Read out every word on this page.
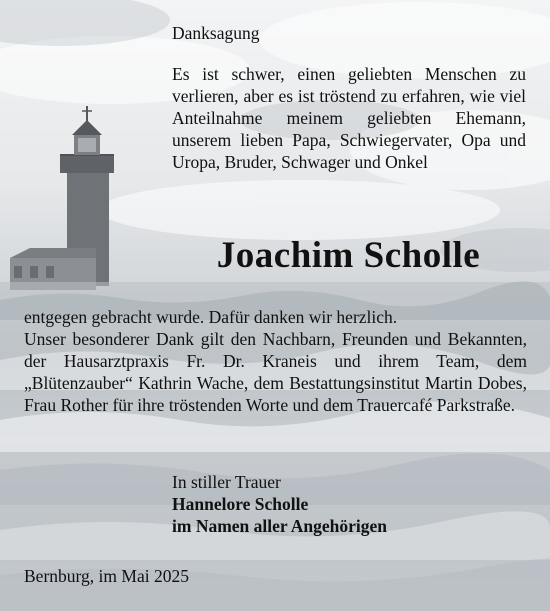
Danksagung
Es ist schwer, einen geliebten Menschen zu verlieren, aber es ist tröstend zu erfahren, wie viel Anteilnahme meinem geliebten Ehemann, unserem lieben Papa, Schwiegervater, Opa und Uropa, Bruder, Schwager und Onkel
Joachim Scholle

entgegen gebracht wurde. Dafür danken wir herzlich.

Unser besonderer Dank gilt den Nachbarn, Freunden und Bekannten, der Hausarztpraxis Fr. Dr. Kraneis und ihrem Team, dem „Blütenzauber“ Kathrin Wache, dem Bestattungsinstitut Martin Dobes, Frau Rother für ihre tröstenden Worte und dem Trauercafé Parkstraße.

In stiller Trauer
Hannelore Scholle
im Namen aller Angehörigen
Bernburg, im Mai 2025
